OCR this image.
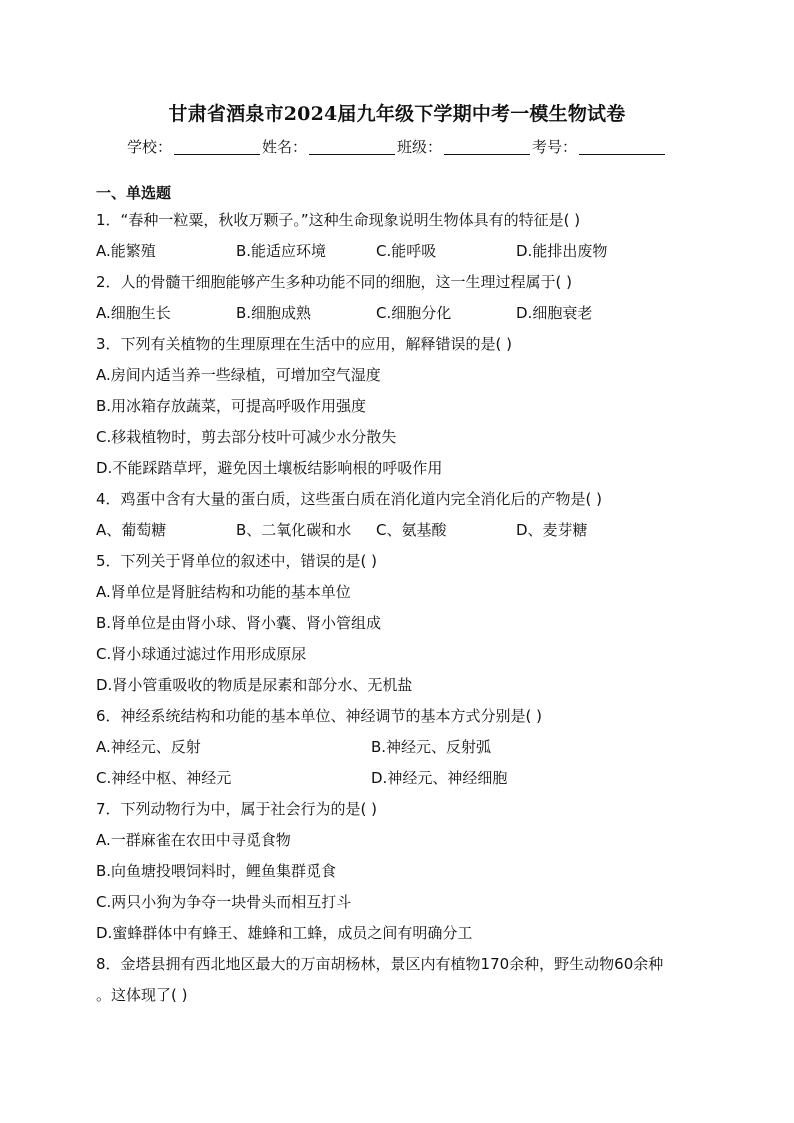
甘肃省酒泉市2024届九年级下学期中考一模生物试卷
学校：	姓名：	班级：	考号：
一、单选题
1．“春种一粒粟，秋收万颗子。”这种生命现象说明生物体具有的特征是( )
A.能繁殖	B.能适应环境	C.能呼吸	D.能排出废物
2．人的骨髓干细胞能够产生多种功能不同的细胞，这一生理过程属于( )
A.细胞生长	B.细胞成熟	C.细胞分化	D.细胞衰老
3．下列有关植物的生理原理在生活中的应用，解释错误的是( )
A.房间内适当养一些绿植，可增加空气湿度
B.用冰箱存放蔬菜，可提高呼吸作用强度
C.移栽植物时，剪去部分枝叶可减少水分散失
D.不能踩踏草坪，避免因土壤板结影响根的呼吸作用
4．鸡蛋中含有大量的蛋白质，这些蛋白质在消化道内完全消化后的产物是( )
A、葡萄糖	B、二氧化碳和水	C、氨基酸	D、麦芽糖
5．下列关于肾单位的叙述中，错误的是( )
A.肾单位是肾脏结构和功能的基本单位
B.肾单位是由肾小球、肾小囊、肾小管组成
C.肾小球通过滤过作用形成原尿
D.肾小管重吸收的物质是尿素和部分水、无机盐
6．神经系统结构和功能的基本单位、神经调节的基本方式分别是( )
A.神经元、反射	B.神经元、反射弧
C.神经中枢、神经元	D.神经元、神经细胞
7．下列动物行为中，属于社会行为的是( )
A.一群麻雀在农田中寻觅食物
B.向鱼塘投喂饲料时，鲤鱼集群觅食
C.两只小狗为争夺一块骨头而相互打斗
D.蜜蜂群体中有蜂王、雄蜂和工蜂，成员之间有明确分工
8．金塔县拥有西北地区最大的万亩胡杨林，景区内有植物170余种，野生动物60余种
。这体现了( )
